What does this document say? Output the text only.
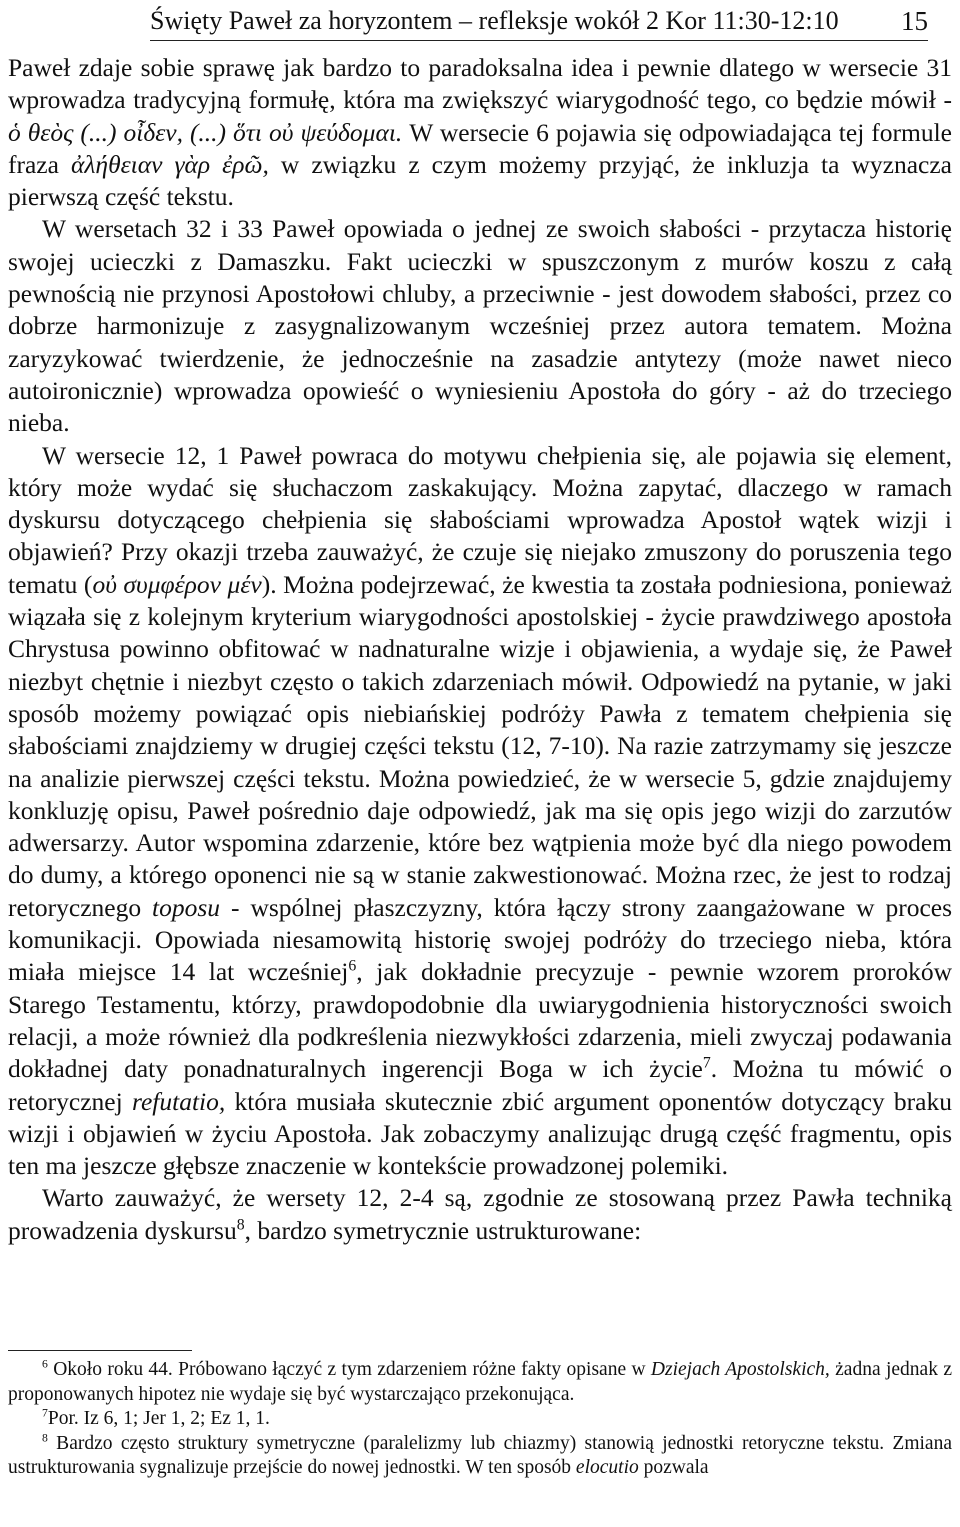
Święty Paweł za horyzontem – refleksje wokół 2 Kor 11:30-12:10 15

Paweł zdaje sobie sprawę jak bardzo to paradoksalna idea i pewnie dlatego w wersecie 31 wprowadza tradycyjną formułę, która ma zwiększyć wiarygodność tego, co będzie mówił - ὁ θεὸς (...) οἶδεν, (...) ὅτι οὐ ψεύδομαι. W wersecie 6 pojawia się odpowiadająca tej formule fraza ἀλήθειαν γὰρ ἐρῶ, w związku z czym możemy przyjąć, że inkluzja ta wyznacza pierwszą część tekstu.

W wersetach 32 i 33 Paweł opowiada o jednej ze swoich słabości - przytacza historię swojej ucieczki z Damaszku. Fakt ucieczki w spuszczonym z murów koszu z całą pewnością nie przynosi Apostołowi chluby, a przeciwnie - jest dowodem słabości, przez co dobrze harmonizuje z zasygnalizowanym wcześniej przez autora tematem. Można zaryzykować twierdzenie, że jednocześnie na zasadzie antytezy (może nawet nieco autoironicznie) wprowadza opowieść o wyniesieniu Apostoła do góry - aż do trzeciego nieba.

W wersecie 12, 1 Paweł powraca do motywu chełpienia się, ale pojawia się element, który może wydać się słuchaczom zaskakujący. Można zapytać, dlaczego w ramach dyskursu dotyczącego chełpienia się słabościami wprowadza Apostoł wątek wizji i objawień? Przy okazji trzeba zauważyć, że czuje się niejako zmuszony do poruszenia tego tematu (οὐ συμφέρον μέν). Można podejrzewać, że kwestia ta została podniesiona, ponieważ wiązała się z kolejnym kryterium wiarygodności apostolskiej - życie prawdziwego apostoła Chrystusa powinno obfitować w nadnaturalne wizje i objawienia, a wydaje się, że Paweł niezbyt chętnie i niezbyt często o takich zdarzeniach mówił. Odpowiedź na pytanie, w jaki sposób możemy powiązać opis niebiańskiej podróży Pawła z tematem chełpienia się słabościami znajdziemy w drugiej części tekstu (12, 7-10). Na razie zatrzymamy się jeszcze na analizie pierwszej części tekstu. Można powiedzieć, że w wersecie 5, gdzie znajdujemy konkluzję opisu, Paweł pośrednio daje odpowiedź, jak ma się opis jego wizji do zarzutów adwersarzy. Autor wspomina zdarzenie, które bez wątpienia może być dla niego powodem do dumy, a którego oponenci nie są w stanie zakwestionować. Można rzec, że jest to rodzaj retorycznego toposu - wspólnej płaszczyzny, która łączy strony zaangażowane w proces komunikacji. Opowiada niesamowitą historię swojej podróży do trzeciego nieba, która miała miejsce 14 lat wcześniej$^6$, jak dokładnie precyzuje - pewnie wzorem proroków Starego Testamentu, którzy, prawdopodobnie dla uwiarygodnienia historyczności swoich relacji, a może również dla podkreślenia niezwykłości zdarzenia, mieli zwyczaj podawania dokładnej daty ponadnaturalnych ingerencji Boga w ich życie$^7$. Można tu mówić o retorycznej refutatio, która musiała skutecznie zbić argument oponentów dotyczący braku wizji i objawień w życiu Apostoła. Jak zobaczymy analizując drugą część fragmentu, opis ten ma jeszcze głębsze znaczenie w kontekście prowadzonej polemiki.

Warto zauważyć, że wersety 12, 2-4 są, zgodnie ze stosowaną przez Pawła techniką prowadzenia dyskursu$^8$, bardzo symetrycznie ustrukturowane:

$^6$ Około roku 44. Próbowano łączyć z tym zdarzeniem różne fakty opisane w Dziejach Apostolskich, żadna jednak z proponowanych hipotez nie wydaje się być wystarczająco przekonująca.

$^7$Por. Iz 6, 1; Jer 1, 2; Ez 1, 1.

$^8$ Bardzo często struktury symetryczne (paralelizmy lub chiazmy) stanowią jednostki retoryczne tekstu. Zmiana ustrukturowania sygnalizuje przejście do nowej jednostki. W ten sposób elocutio pozwala
